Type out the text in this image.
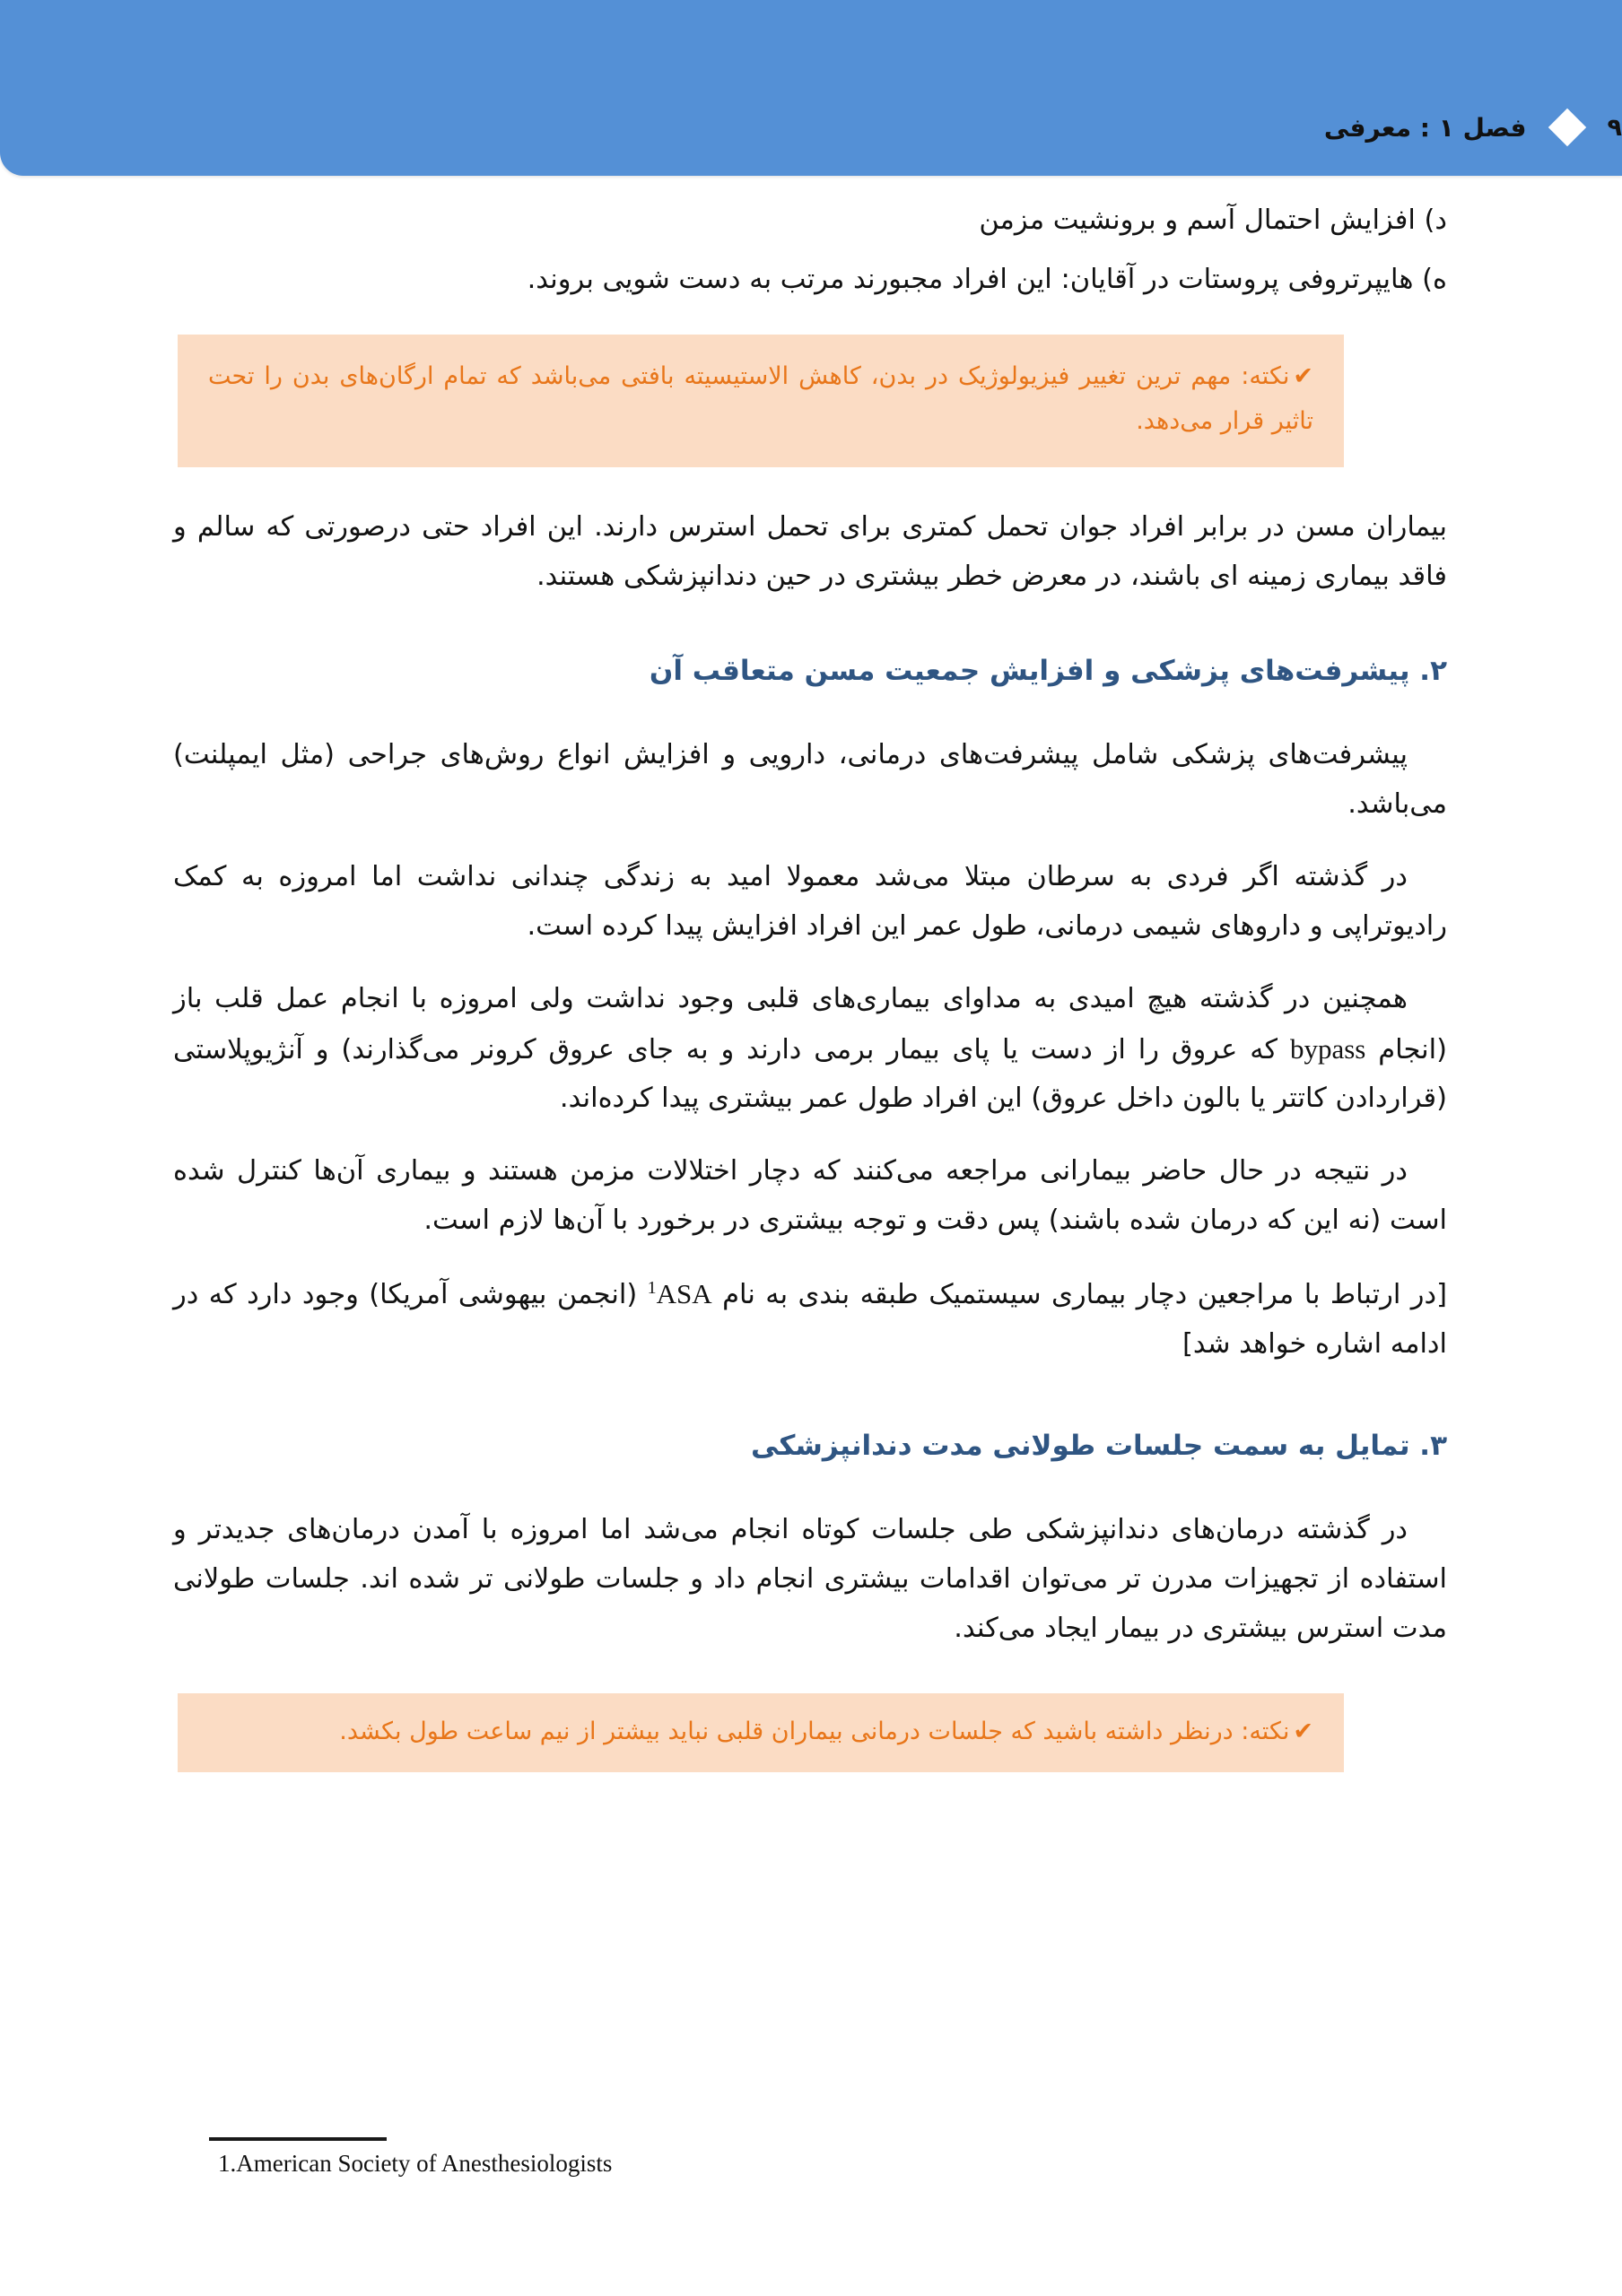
۹
فصل ۱ : معرفی

د) افزایش احتمال آسم و برونشیت مزمن

ه) هایپرتروفی پروستات در آقایان: این افراد مجبورند مرتب به دست شویی بروند.

✔نکته: مهم ترین تغییر فیزیولوژیک در بدن، کاهش الاستیسیته بافتی می‌باشد که تمام ارگان‌های بدن را تحت تاثیر قرار می‌دهد.

بیماران مسن در برابر افراد جوان تحمل کمتری برای تحمل استرس دارند. این افراد حتی درصورتی که سالم و فاقد بیماری زمینه ای باشند، در معرض خطر بیشتری در حین دندانپزشکی هستند.

۲. پیشرفت‌های پزشکی و افزایش جمعیت مسن متعاقب آن

پیشرفت‌های پزشکی شامل پیشرفت‌های درمانی، دارویی و افزایش انواع روش‌های جراحی (مثل ایمپلنت) می‌باشد.

در گذشته اگر فردی به سرطان مبتلا می‌شد معمولا امید به زندگی چندانی نداشت اما امروزه به کمک رادیوتراپی و داروهای شیمی درمانی، طول عمر این افراد افزایش پیدا کرده است.

همچنین در گذشته هیچ امیدی به مداوای بیماری‌های قلبی وجود نداشت ولی امروزه با انجام عمل قلب باز (انجام bypass که عروق را از دست یا پای بیمار برمی دارند و به جای عروق کرونر می‌گذارند) و آنژیوپلاستی (قراردادن کاتتر یا بالون داخل عروق) این افراد طول عمر بیشتری پیدا کرده‌اند.

در نتیجه در حال حاضر بیمارانی مراجعه می‌کنند که دچار اختلالات مزمن هستند و بیماری آن‌ها کنترل شده است (نه این که درمان شده باشند) پس دقت و توجه بیشتری در برخورد با آن‌ها لازم است.

[در ارتباط با مراجعین دچار بیماری سیستمیک طبقه بندی به نام ASA$^1$ (انجمن بیهوشی آمریکا) وجود دارد که در ادامه اشاره خواهد شد]

۳. تمایل به سمت جلسات طولانی مدت دندانپزشکی

در گذشته درمان‌های دندانپزشکی طی جلسات کوتاه انجام می‌شد اما امروزه با آمدن درمان‌های جدیدتر و استفاده از تجهیزات مدرن تر می‌توان اقدامات بیشتری انجام داد و جلسات طولانی تر شده اند. جلسات طولانی مدت استرس بیشتری در بیمار ایجاد می‌کند.

✔نکته: درنظر داشته باشید که جلسات درمانی بیماران قلبی نباید بیشتر از نیم ساعت طول بکشد.
1.American Society of Anesthesiologists
